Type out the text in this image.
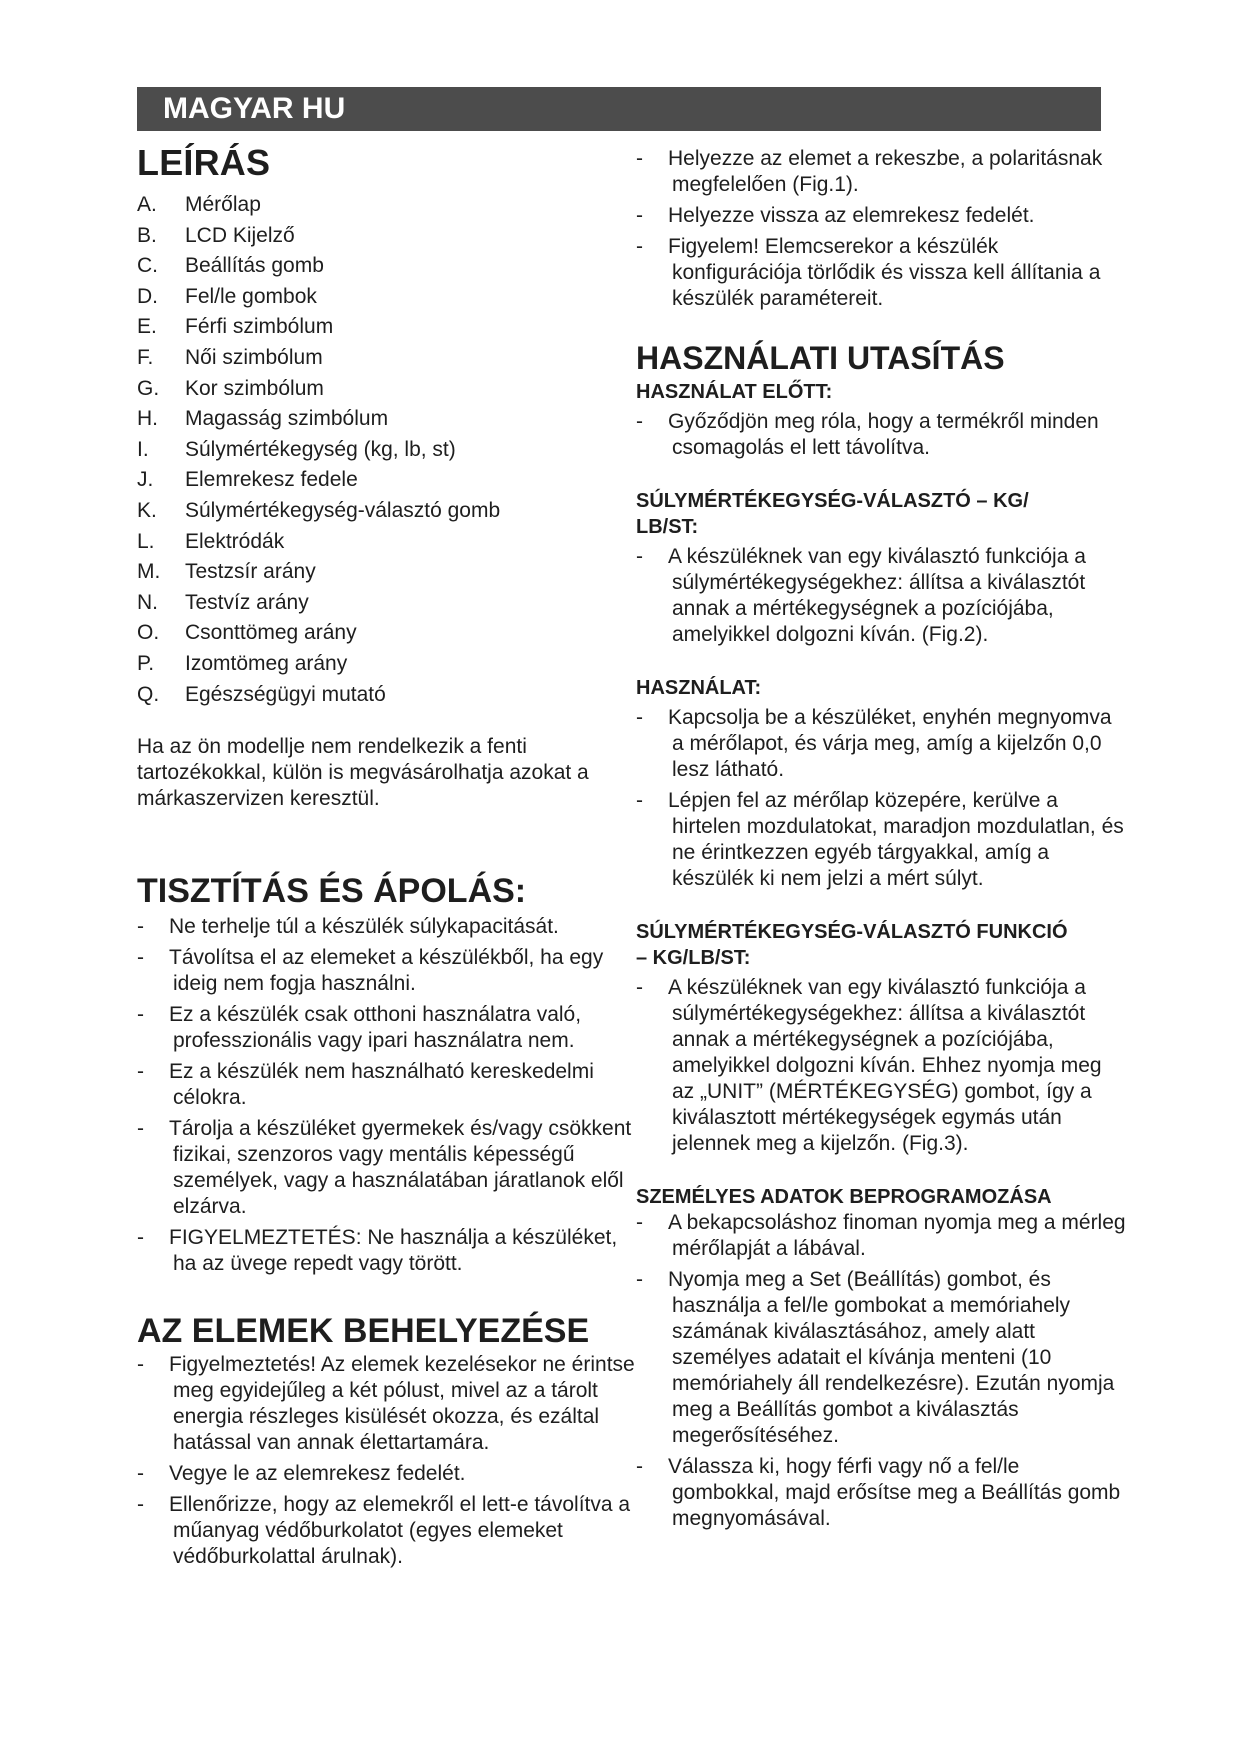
MAGYAR HU
LEÍRÁS
A. Mérőlap
B. LCD Kijelző
C. Beállítás gomb
D. Fel/le gombok
E. Férfi szimbólum
F. Női szimbólum
G. Kor szimbólum
H. Magasság szimbólum
I. Súlymértékegység (kg, lb, st)
J. Elemrekesz fedele
K. Súlymértékegység-választó gomb
L. Elektródák
M. Testzsír arány
N. Testvíz arány
O. Csonttömeg arány
P. Izomtömeg arány
Q. Egészségügyi mutató

Ha az ön modellje nem rendelkezik a fenti tartozékokkal, külön is megvásárolhatja azokat a márkaszervizen keresztül.

TISZTÍTÁS ÉS ÁPOLÁS:
-	Ne terhelje túl a készülék súlykapacitását.
-	Távolítsa el az elemeket a készülékből, ha egy ideig nem fogja használni.
-	Ez a készülék csak otthoni használatra való, professzionális vagy ipari használatra nem.
-	Ez a készülék nem használható kereskedelmi célokra.
-	Tárolja a készüléket gyermekek és/vagy csökkent fizikai, szenzoros vagy mentális képességű személyek, vagy a használatában járatlanok elől elzárva.
-	FIGYELMEZTETÉS: Ne használja a készüléket, ha az üvege repedt vagy törött.
AZ ELEMEK BEHELYEZÉSE
-	Figyelmeztetés! Az elemek kezelésekor ne érintse meg egyidejűleg a két pólust, mivel az a tárolt energia részleges kisülését okozza, és ezáltal hatással van annak élettartamára.
-	Vegye le az elemrekesz fedelét.
-	Ellenőrizze, hogy az elemekről el lett-e távolítva a műanyag védőburkolatot (egyes elemeket védőburkolattal árulnak).
-	Helyezze az elemet a rekeszbe, a polaritásnak megfelelően (Fig.1).
-	Helyezze vissza az elemrekesz fedelét.
-	Figyelem! Elemcserekor a készülék konfigurációja törlődik és vissza kell állítania a készülék paramétereit.
HASZNÁLATI UTASÍTÁS
HASZNÁLAT ELŐTT:
-	Győződjön meg róla, hogy a termékről minden csomagolás el lett távolítva.
SÚLYMÉRTÉKEGYSÉG-VÁLASZTÓ – KG/ LB/ST:
-	A készüléknek van egy kiválasztó funkciója a súlymértékegységekhez: állítsa a kiválasztót annak a mértékegységnek a pozíciójába, amelyikkel dolgozni kíván. (Fig.2).
HASZNÁLAT:
-	Kapcsolja be a készüléket, enyhén megnyomva a mérőlapot, és várja meg, amíg a kijelzőn 0,0 lesz látható.
-	Lépjen fel az mérőlap közepére, kerülve a hirtelen mozdulatokat, maradjon mozdulatlan, és ne érintkezzen egyéb tárgyakkal, amíg a készülék ki nem jelzi a mért súlyt.
SÚLYMÉRTÉKEGYSÉG-VÁLASZTÓ FUNKCIÓ – KG/LB/ST:
-	A készüléknek van egy kiválasztó funkciója a súlymértékegységekhez: állítsa a kiválasztót annak a mértékegységnek a pozíciójába, amelyikkel dolgozni kíván. Ehhez nyomja meg az „UNIT” (MÉRTÉKEGYSÉG) gombot, így a kiválasztott mértékegységek egymás után jelennek meg a kijelzőn. (Fig.3).
SZEMÉLYES ADATOK BEPROGRAMOZÁSA
-	A bekapcsoláshoz finoman nyomja meg a mérleg mérőlapját a lábával.
-	Nyomja meg a Set (Beállítás) gombot, és használja a fel/le gombokat a memóriahely számának kiválasztásához, amely alatt személyes adatait el kívánja menteni (10 memóriahely áll rendelkezésre). Ezután nyomja meg a Beállítás gombot a kiválasztás megerősítéséhez.
-	Válassza ki, hogy férfi vagy nő a fel/le gombokkal, majd erősítse meg a Beállítás gomb megnyomásával.
